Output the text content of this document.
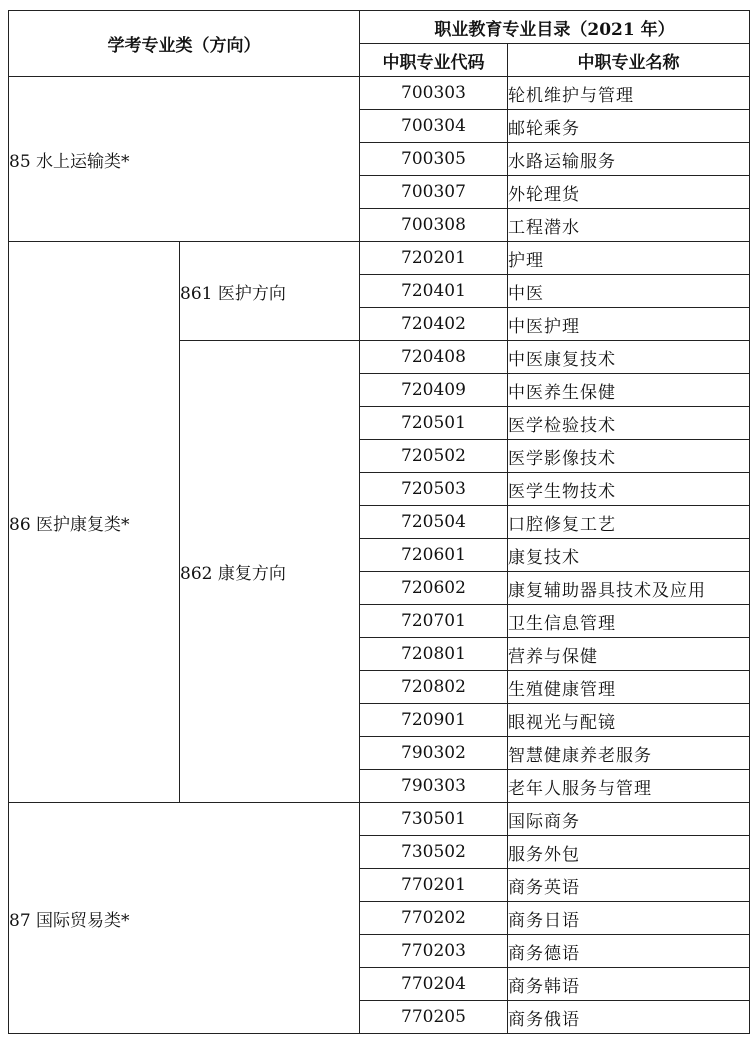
学考专业类（方向）		职业教育专业目录（2021 年）	
		中职专业代码	中职专业名称
85 水上运输类*		700303	轮机维护与管理
		700304	邮轮乘务
		700305	水路运输服务
		700307	外轮理货
		700308	工程潜水
86 医护康复类*	861 医护方向	720201	护理
		720401	中医
		720402	中医护理
	862 康复方向	720408	中医康复技术
		720409	中医养生保健
		720501	医学检验技术
		720502	医学影像技术
		720503	医学生物技术
		720504	口腔修复工艺
		720601	康复技术
		720602	康复辅助器具技术及应用
		720701	卫生信息管理
		720801	营养与保健
		720802	生殖健康管理
		720901	眼视光与配镜
		790302	智慧健康养老服务
		790303	老年人服务与管理
87 国际贸易类*		730501	国际商务
		730502	服务外包
		770201	商务英语
		770202	商务日语
		770203	商务德语
		770204	商务韩语
		770205	商务俄语
